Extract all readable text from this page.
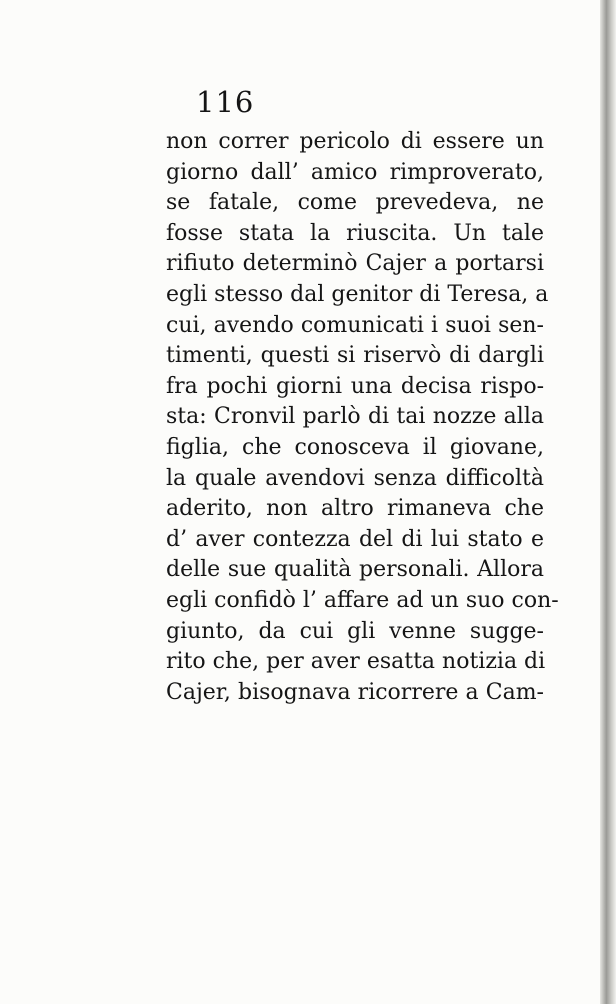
116
non correr pericolo di essere un
giorno dall’ amico rimproverato,
se fatale, come prevedeva, ne
fosse stata la riuscita. Un tale
rifiuto determinò Cajer a portarsi
egli stesso dal genitor di Teresa, a
cui, avendo comunicati i suoi sen-
timenti, questi si riservò di dargli
fra pochi giorni una decisa rispo-
sta: Cronvil parlò di tai nozze alla
figlia, che conosceva il giovane,
la quale avendovi senza difficoltà
aderito, non altro rimaneva che
d’ aver contezza del di lui stato e
delle sue qualità personali. Allora
egli confidò l’ affare ad un suo con-
giunto, da cui gli venne sugge-
rito che, per aver esatta notizia di
Cajer, bisognava ricorrere a Cam-
